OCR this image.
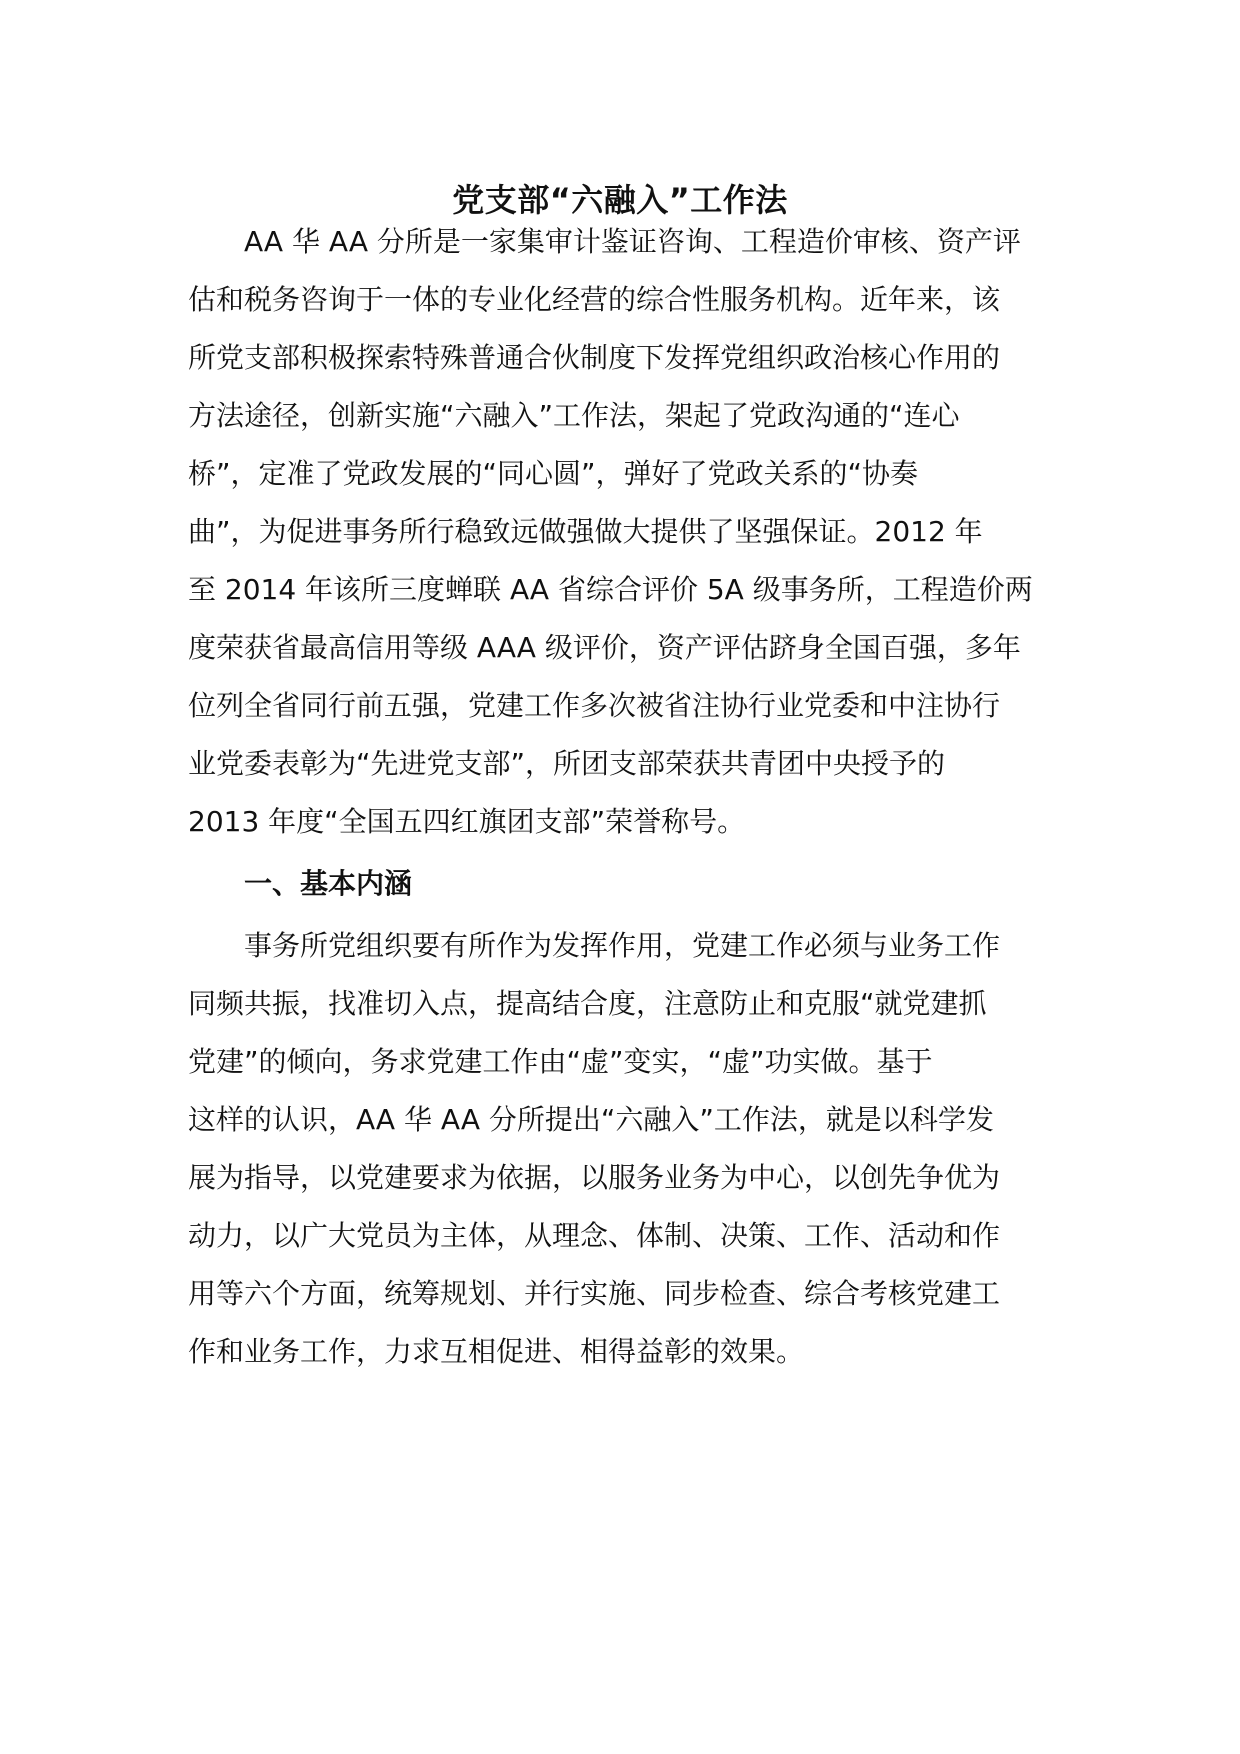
党支部“六融入”工作法
AA 华 AA 分所是一家集审计鉴证咨询、工程造价审核、资产评
估和税务咨询于一体的专业化经营的综合性服务机构。近年来，该
所党支部积极探索特殊普通合伙制度下发挥党组织政治核心作用的
方法途径，创新实施“六融入”工作法，架起了党政沟通的“连心
桥”，定准了党政发展的“同心圆”，弹好了党政关系的“协奏
曲”，为促进事务所行稳致远做强做大提供了坚强保证。2012 年
至 2014 年该所三度蝉联 AA 省综合评价 5A 级事务所，工程造价两
度荣获省最高信用等级 AAA 级评价，资产评估跻身全国百强，多年
位列全省同行前五强，党建工作多次被省注协行业党委和中注协行
业党委表彰为“先进党支部”，所团支部荣获共青团中央授予的
2013 年度“全国五四红旗团支部”荣誉称号。
一、基本内涵
事务所党组织要有所作为发挥作用，党建工作必须与业务工作
同频共振，找准切入点，提高结合度，注意防止和克服“就党建抓
党建”的倾向，务求党建工作由“虚”变实，“虚”功实做。基于
这样的认识，AA 华 AA 分所提出“六融入”工作法，就是以科学发
展为指导，以党建要求为依据，以服务业务为中心，以创先争优为
动力，以广大党员为主体，从理念、体制、决策、工作、活动和作
用等六个方面，统筹规划、并行实施、同步检查、综合考核党建工
作和业务工作，力求互相促进、相得益彰的效果。
